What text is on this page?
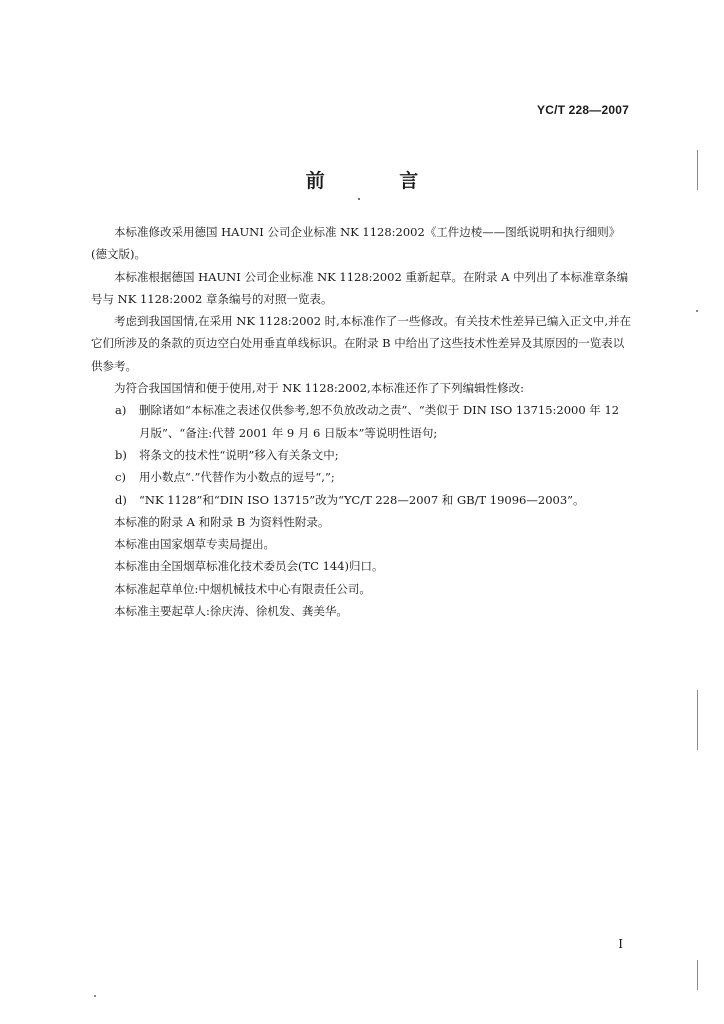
YC/T 228—2007
前 言

本标准修改采用德国 HAUNI 公司企业标准 NK 1128:2002《工件边棱——图纸说明和执行细则》(德文版)。

本标准根据德国 HAUNI 公司企业标准 NK 1128:2002 重新起草。在附录 A 中列出了本标准章条编号与 NK 1128:2002 章条编号的对照一览表。

考虑到我国国情,在采用 NK 1128:2002 时,本标准作了一些修改。有关技术性差异已编入正文中,并在它们所涉及的条款的页边空白处用垂直单线标识。在附录 B 中给出了这些技术性差异及其原因的一览表以供参考。

为符合我国国情和便于使用,对于 NK 1128:2002,本标准还作了下列编辑性修改:

a) 删除诸如“本标准之表述仅供参考,恕不负放改动之责”、“类似于 DIN ISO 13715:2000 年 12 月版”、“备注:代替 2001 年 9 月 6 日版本”等说明性语句;
b) 将条文的技术性“说明”移入有关条文中;
c) 用小数点“.”代替作为小数点的逗号“,”;
d) “NK 1128”和“DIN ISO 13715”改为“YC/T 228—2007 和 GB/T 19096—2003”。

本标准的附录 A 和附录 B 为资料性附录。

本标准由国家烟草专卖局提出。

本标准由全国烟草标准化技术委员会(TC 144)归口。

本标准起草单位:中烟机械技术中心有限责任公司。

本标准主要起草人:徐庆涛、徐机发、龚美华。

I
